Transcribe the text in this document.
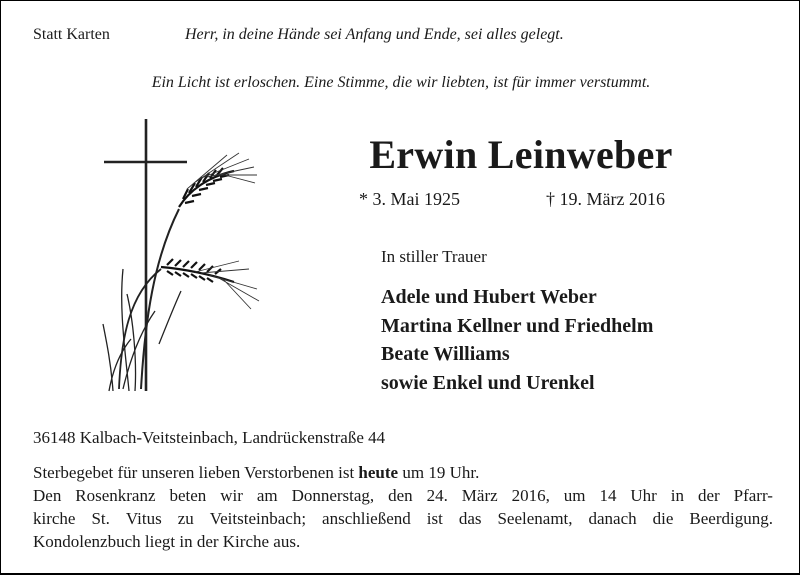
Statt Karten	Herr, in deine Hände sei Anfang und Ende, sei alles gelegt.
Ein Licht ist erloschen. Eine Stimme, die wir liebten, ist für immer verstummt.
Erwin Leinweber
* 3. Mai 1925	† 19. März 2016
In stiller Trauer
Adele und Hubert Weber
Martina Kellner und Friedhelm
Beate Williams
sowie Enkel und Urenkel
36148 Kalbach-Veitsteinbach, Landrückenstraße 44
Sterbegebet für unseren lieben Verstorbenen ist heute um 19 Uhr.
Den Rosenkranz beten wir am Donnerstag, den 24. März 2016, um 14 Uhr in der Pfarr-
kirche St. Vitus zu Veitsteinbach; anschließend ist das Seelenamt, danach die Beerdigung.
Kondolenzbuch liegt in der Kirche aus.
